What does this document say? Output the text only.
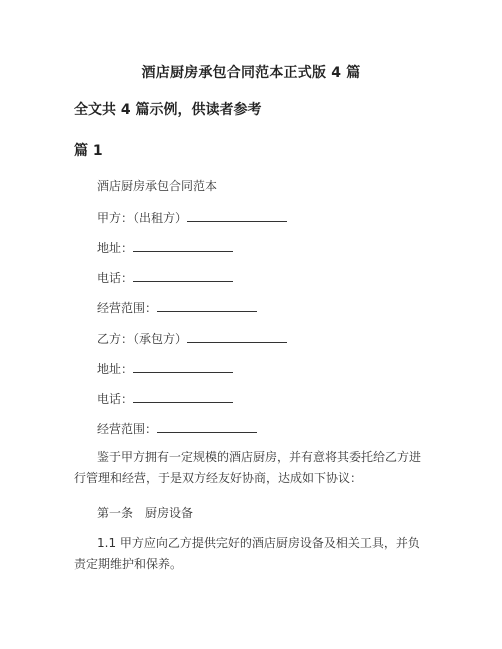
酒店厨房承包合同范本正式版 4 篇
全文共 4 篇示例，供读者参考
篇 1
酒店厨房承包合同范本
甲方：（出租方）
地址：
电话：
经营范围：
乙方：（承包方）
地址：
电话：
经营范围：
鉴于甲方拥有一定规模的酒店厨房，并有意将其委托给乙方进行管理和经营，于是双方经友好协商，达成如下协议：
第一条　厨房设备
1.1 甲方应向乙方提供完好的酒店厨房设备及相关工具，并负责定期维护和保养。
